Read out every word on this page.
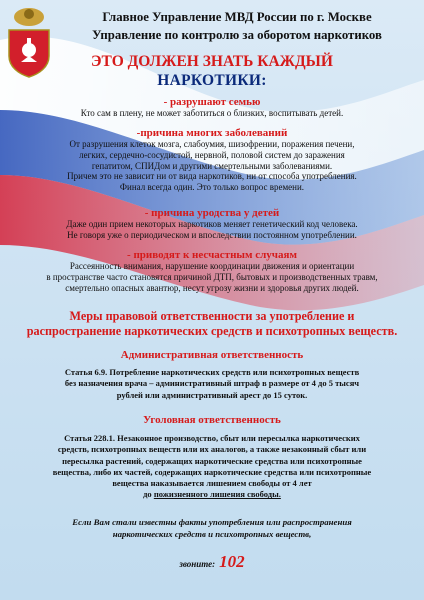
Главное Управление МВД России по г. Москве
Управление по контролю за оборотом наркотиков
ЭТО ДОЛЖЕН ЗНАТЬ КАЖДЫЙ
НАРКОТИКИ:
- разрушают семью
Кто сам в плену, не может заботиться о близких, воспитывать детей.
-причина многих заболеваний
От разрушения клеток мозга, слабоумия, шизофрении, поражения печени,
легких, сердечно-сосудистой, нервной, половой систем до заражения
гепатитом, СПИДом и другими смертельными заболеваниями.
Причем это не зависит ни от вида наркотиков, ни от способа употребления.
Финал всегда один. Это только вопрос времени.
- причина уродства у детей
Даже один прием некоторых наркотиков меняет генетический код человека.
Не говоря уже о периодическом и впоследствии постоянном употреблении.
- приводят к несчастным случаям
Рассеянность внимания, нарушение координации движения и ориентации
в пространстве часто становятся причиной ДТП, бытовых и производственных травм,
смертельно опасных авантюр, несут угрозу жизни и здоровья других людей.
Меры правовой ответственности за употребление и
распространение наркотических средств и психотропных веществ.
Административная ответственность
Статья 6.9. Потребление наркотических средств или психотропных веществ
без назначения врача – административный штраф в размере от 4 до 5 тысяч
рублей или административный арест до 15 суток.
Уголовная ответственность
Статья 228.1. Незаконное производство, сбыт или пересылка наркотических
средств, психотропных веществ или их аналогов, а также незаконный сбыт или
пересылка растений, содержащих наркотические средства или психотропные
вещества, либо их частей, содержащих наркотические средства или психотропные
вещества наказывается лишением свободы от 4 лет
до пожизненного лишения свободы.
Если Вам стали известны факты употребления или распространения
наркотических средств и психотропных веществ,
звоните: 102
